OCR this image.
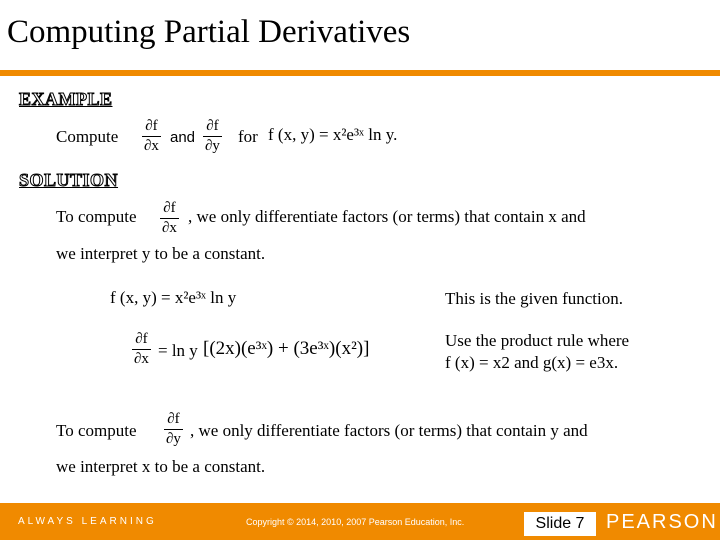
Computing Partial Derivatives
EXAMPLE
Compute
∂f
∂x and
∂f
∂y for f (x, y) = x²e³ˣ ln y.
SOLUTION
To compute ∂f
∂x
, we only differentiate factors (or terms) that contain x and
we interpret y to be a constant.
f (x, y) = x²e³ˣ ln y	This is the given function.
∂f
∂x = ln y [(2x)(e³ˣ) + (3e³ˣ)(x²)]	Use the product rule where
f (x) = x2 and g(x) = e3x.
To compute
∂f
∂y , we only differentiate factors (or terms) that contain y and
we interpret x to be a constant.
ALWAYS LEARNING	Copyright © 2014, 2010, 2007 Pearson Education, Inc.	Slide 7	PEARSON
